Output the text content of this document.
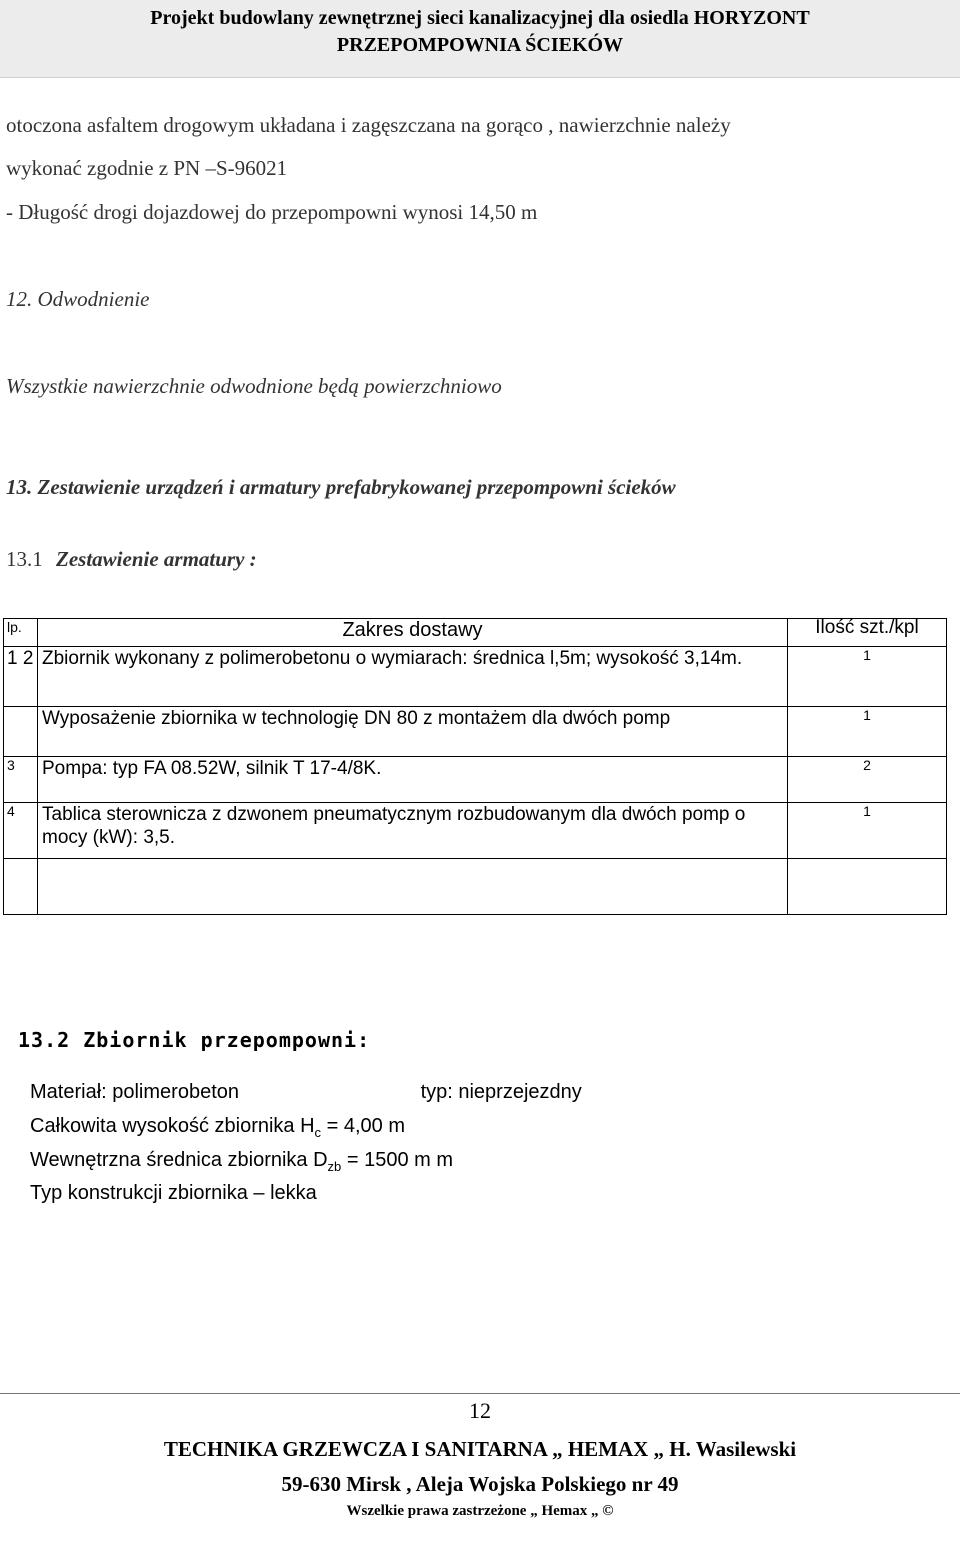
Projekt budowlany zewnętrznej sieci kanalizacyjnej dla osiedla HORYZONT
PRZEPOMPOWNIA ŚCIEKÓW
otoczona asfaltem drogowym układana i zagęszczana na gorąco , nawierzchnie należy
wykonać zgodnie z PN –S-96021
- Długość drogi dojazdowej do przepompowni wynosi 14,50 m
12. Odwodnienie
Wszystkie nawierzchnie odwodnione będą powierzchniowo
13. Zestawienie urządzeń i armatury prefabrykowanej przepompowni ścieków
13.1 Zestawienie armatury :
lp.	Zakres dostawy	Ilość szt./kpl
1 2	Zbiornik wykonany z polimerobetonu o wymiarach: średnica l,5m; wysokość 3,14m.	1
	Wyposażenie zbiornika w technologię DN 80 z montażem dla dwóch pomp	1
3	Pompa: typ FA 08.52W, silnik T 17-4/8K.	2
4	Tablica sterownicza z dzwonem pneumatycznym rozbudowanym dla dwóch pomp o mocy (kW): 3,5.	1

13.2 Zbiornik przepompowni:
Materiał: polimerobeton	typ: nieprzejezdny
Całkowita wysokość zbiornika $H_c = 4,00$ m
Wewnętrzna średnica zbiornika $D_{zb} = 1500$ m m
Typ konstrukcji zbiornika – lekka
12
TECHNIKA GRZEWCZA I SANITARNA „ HEMAX „ H. Wasilewski
59-630 Mirsk , Aleja Wojska Polskiego nr 49
Wszelkie prawa zastrzeżone „ Hemax „ ©
